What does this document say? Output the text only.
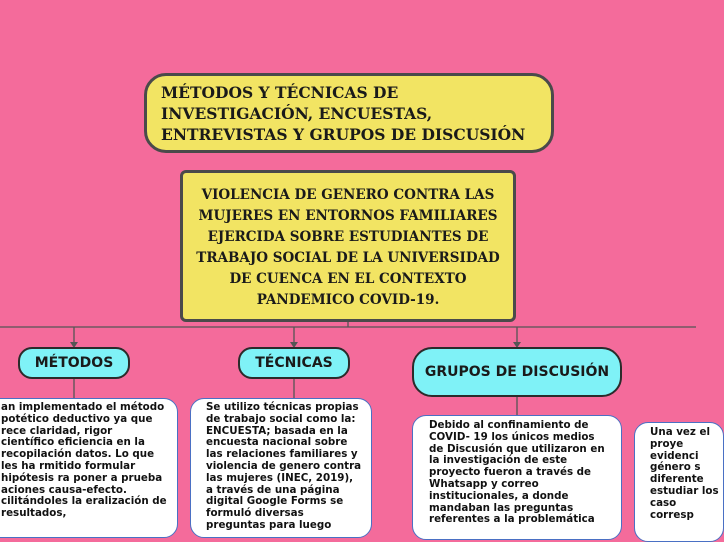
MÉTODOS Y TÉCNICAS DE INVESTIGACIÓN, ENCUESTAS, ENTREVISTAS Y GRUPOS DE DISCUSIÓN
VIOLENCIA DE GENERO CONTRA LAS MUJERES EN ENTORNOS FAMILIARES EJERCIDA SOBRE ESTUDIANTES DE TRABAJO SOCIAL DE LA UNIVERSIDAD DE CUENCA EN EL CONTEXTO PANDEMICO COVID-19.
MÉTODOS	TÉCNICAS
GRUPOS DE DISCUSIÓN
an implementado el método potético deductivo ya que rece claridad, rigor científico eficiencia en la recopilación datos. Lo que les ha rmitido formular hipótesis ra poner a prueba aciones causa-efecto. cilitándoles la eralización de resultados,
Se utilizo técnicas propias de trabajo social como la: ENCUESTA; basada en la encuesta nacional sobre las relaciones familiares y violencia de genero contra las mujeres (INEC, 2019), a través de una página digital Google Forms se formuló diversas preguntas para luego
Debido al confinamiento de COVID- 19 los únicos medios de Discusión que utilizaron en la investigación de este proyecto fueron a través de Whatsapp y correo institucionales, a donde mandaban las preguntas referentes a la problemática
Una vez el proye evidenci género s diferente estudiar los caso corresp
